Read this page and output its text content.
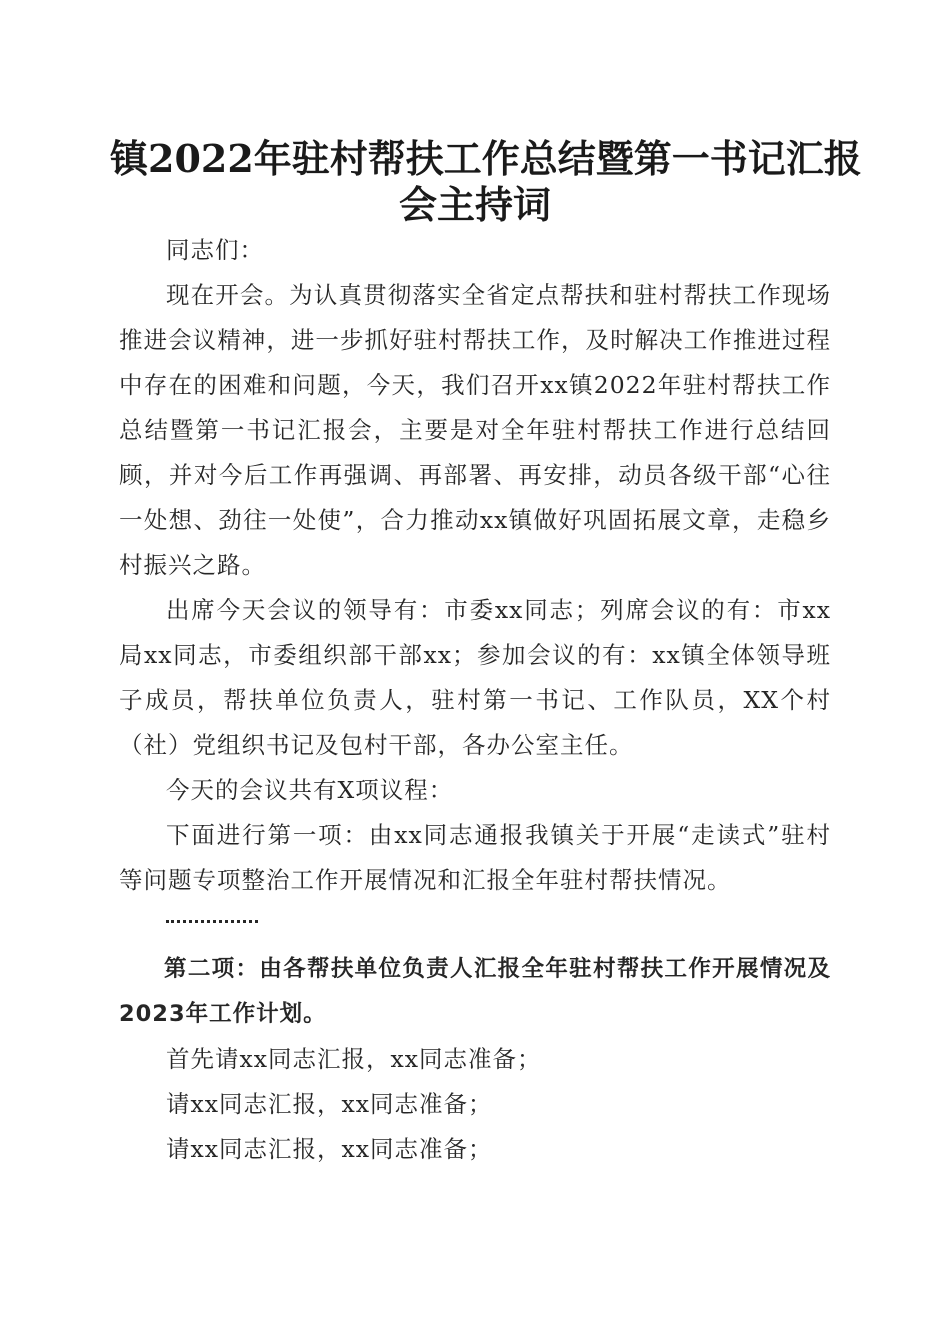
镇2022年驻村帮扶工作总结暨第一书记汇报
会主持词

同志们：

现在开会。为认真贯彻落实全省定点帮扶和驻村帮扶工作现场推进会议精神，进一步抓好驻村帮扶工作，及时解决工作推进过程中存在的困难和问题，今天，我们召开xx镇2022年驻村帮扶工作总结暨第一书记汇报会，主要是对全年驻村帮扶工作进行总结回顾，并对今后工作再强调、再部署、再安排，动员各级干部“心往一处想、劲往一处使”，合力推动xx镇做好巩固拓展文章，走稳乡村振兴之路。

出席今天会议的领导有：市委xx同志；列席会议的有：市xx局xx同志，市委组织部干部xx；参加会议的有：xx镇全体领导班子成员，帮扶单位负责人，驻村第一书记、工作队员，XX个村（社）党组织书记及包村干部，各办公室主任。

今天的会议共有X项议程：

下面进行第一项：由xx同志通报我镇关于开展“走读式”驻村等问题专项整治工作开展情况和汇报全年驻村帮扶情况。

第二项：由各帮扶单位负责人汇报全年驻村帮扶工作开展情况及2023年工作计划。

首先请xx同志汇报，xx同志准备；

请xx同志汇报，xx同志准备；

请xx同志汇报，xx同志准备；
